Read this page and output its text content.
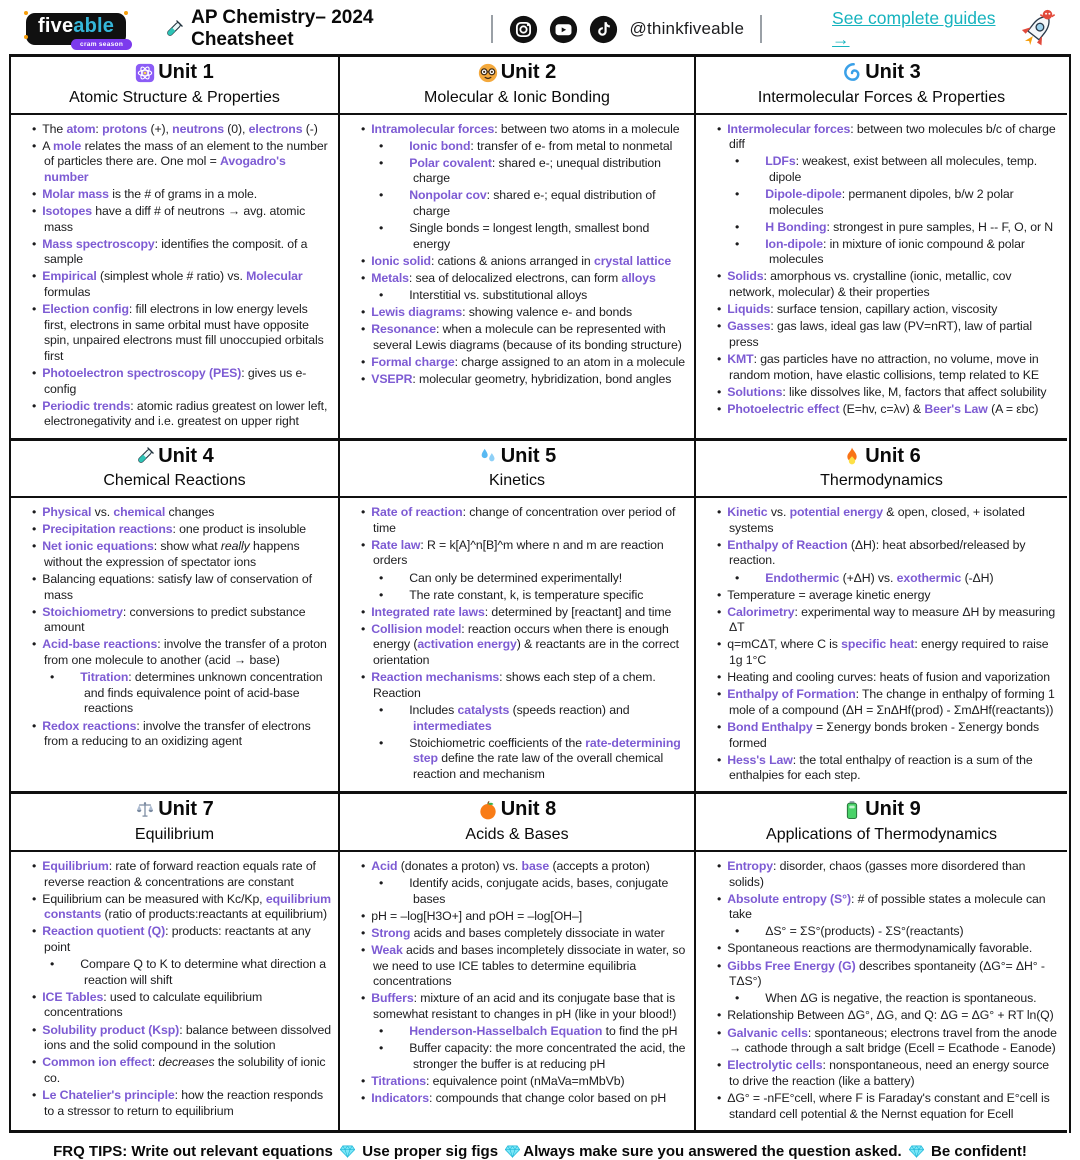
fiveable
cram season
AP Chemistry– 2024 Cheatsheet
@thinkfiveable
See complete guides →
Unit 1
Atomic Structure & Properties
• The atom: protons (+), neutrons (0), electrons (-)
• A mole relates the mass of an element to the number of particles there are. One mol = Avogadro's number
• Molar mass is the # of grams in a mole.
• Isotopes have a diff # of neutrons → avg. atomic mass
• Mass spectroscopy: identifies the composit. of a sample
• Empirical (simplest whole # ratio) vs. Molecular formulas
• Election config: fill electrons in low energy levels first, electrons in same orbital must have opposite spin, unpaired electrons must fill unoccupied orbitals first
• Photoelectron spectroscopy (PES): gives us e- config
• Periodic trends: atomic radius greatest on lower left, electronegativity and i.e. greatest on upper right
Unit 2
Molecular & Ionic Bonding
• Intramolecular forces: between two atoms in a molecule
• Ionic bond: transfer of e- from metal to nonmetal
• Polar covalent: shared e-; unequal distribution charge
• Nonpolar cov: shared e-; equal distribution of charge
• Single bonds = longest length, smallest bond energy
• Ionic solid: cations & anions arranged in crystal lattice
• Metals: sea of delocalized electrons, can form alloys
• Interstitial vs. substitutional alloys
• Lewis diagrams: showing valence e- and bonds
• Resonance: when a molecule can be represented with several Lewis diagrams (because of its bonding structure)
• Formal charge: charge assigned to an atom in a molecule
• VSEPR: molecular geometry, hybridization, bond angles
Unit 3
Intermolecular Forces & Properties
• Intermolecular forces: between two molecules b/c of charge diff
• LDFs: weakest, exist between all molecules, temp. dipole
• Dipole-dipole: permanent dipoles, b/w 2 polar molecules
• H Bonding: strongest in pure samples, H -- F, O, or N
• Ion-dipole: in mixture of ionic compound & polar molecules
• Solids: amorphous vs. crystalline (ionic, metallic, cov network, molecular) & their properties
• Liquids: surface tension, capillary action, viscosity
• Gasses: gas laws, ideal gas law (PV=nRT), law of partial press
• KMT: gas particles have no attraction, no volume, move in random motion, have elastic collisions, temp related to KE
• Solutions: like dissolves like, M, factors that affect solubility
• Photoelectric effect (E=hv, c=λv) & Beer's Law (A = εbc)
Unit 4
Chemical Reactions
• Physical vs. chemical changes
• Precipitation reactions: one product is insoluble
• Net ionic equations: show what really happens without the expression of spectator ions
• Balancing equations: satisfy law of conservation of mass
• Stoichiometry: conversions to predict substance amount
• Acid-base reactions: involve the transfer of a proton from one molecule to another (acid → base)
• Titration: determines unknown concentration and finds equivalence point of acid-base reactions
• Redox reactions: involve the transfer of electrons from a reducing to an oxidizing agent
Unit 5
Kinetics
• Rate of reaction: change of concentration over period of time
• Rate law: R = k[A]^n[B]^m where n and m are reaction orders
• Can only be determined experimentally!
• The rate constant, k, is temperature specific
• Integrated rate laws: determined by [reactant] and time
• Collision model: reaction occurs when there is enough energy (activation energy) & reactants are in the correct orientation
• Reaction mechanisms: shows each step of a chem. Reaction
• Includes catalysts (speeds reaction) and intermediates
• Stoichiometric coefficients of the rate-determining step define the rate law of the overall chemical reaction and mechanism
Unit 6
Thermodynamics
• Kinetic vs. potential energy & open, closed, + isolated systems
• Enthalpy of Reaction (ΔH): heat absorbed/released by reaction.
• Endothermic (+ΔH) vs. exothermic (-ΔH)
• Temperature = average kinetic energy
• Calorimetry: experimental way to measure ΔH by measuring ΔT
• q=mCΔT, where C is specific heat: energy required to raise 1g 1°C
• Heating and cooling curves: heats of fusion and vaporization
• Enthalpy of Formation: The change in enthalpy of forming 1 mole of a compound (ΔH = ΣnΔHf(prod) - ΣmΔHf(reactants))
• Bond Enthalpy = Σenergy bonds broken - Σenergy bonds formed
• Hess's Law: the total enthalpy of reaction is a sum of the enthalpies for each step.
Unit 7
Equilibrium
• Equilibrium: rate of forward reaction equals rate of reverse reaction & concentrations are constant
• Equilibrium can be measured with Kc/Kp, equilibrium constants (ratio of products:reactants at equilibrium)
• Reaction quotient (Q): products: reactants at any point
• Compare Q to K to determine what direction a reaction will shift
• ICE Tables: used to calculate equilibrium concentrations
• Solubility product (Ksp): balance between dissolved ions and the solid compound in the solution
• Common ion effect: decreases the solubility of ionic co.
• Le Chatelier's principle: how the reaction responds to a stressor to return to equilibrium
Unit 8
Acids & Bases
• Acid (donates a proton) vs. base (accepts a proton)
• Identify acids, conjugate acids, bases, conjugate bases
• pH = –log[H3O+] and pOH = –log[OH–]
• Strong acids and bases completely dissociate in water
• Weak acids and bases incompletely dissociate in water, so we need to use ICE tables to determine equilibria concentrations
• Buffers: mixture of an acid and its conjugate base that is somewhat resistant to changes in pH (like in your blood!)
• Henderson-Hasselbalch Equation to find the pH
• Buffer capacity: the more concentrated the acid, the stronger the buffer is at reducing pH
• Titrations: equivalence point (nMaVa=mMbVb)
• Indicators: compounds that change color based on pH
Unit 9
Applications of Thermodynamics
• Entropy: disorder, chaos (gasses more disordered than solids)
• Absolute entropy (S°): # of possible states a molecule can take
• ΔS° = ΣS°(products) - ΣS°(reactants)
• Spontaneous reactions are thermodynamically favorable.
• Gibbs Free Energy (G) describes spontaneity (ΔG°= ΔH° - TΔS°)
• When ΔG is negative, the reaction is spontaneous.
• Relationship Between ΔG°, ΔG, and Q: ΔG = ΔG° + RT ln(Q)
• Galvanic cells: spontaneous; electrons travel from the anode → cathode through a salt bridge (Ecell = Ecathode - Eanode)
• Electrolytic cells: nonspontaneous, need an energy source to drive the reaction (like a battery)
• ΔG° = -nFE°cell, where F is Faraday's constant and E°cell is standard cell potential & the Nernst equation for Ecell
FRQ TIPS: Write out relevant equations
Use proper sig figs
Always make sure you answered the question asked.
Be confident!
